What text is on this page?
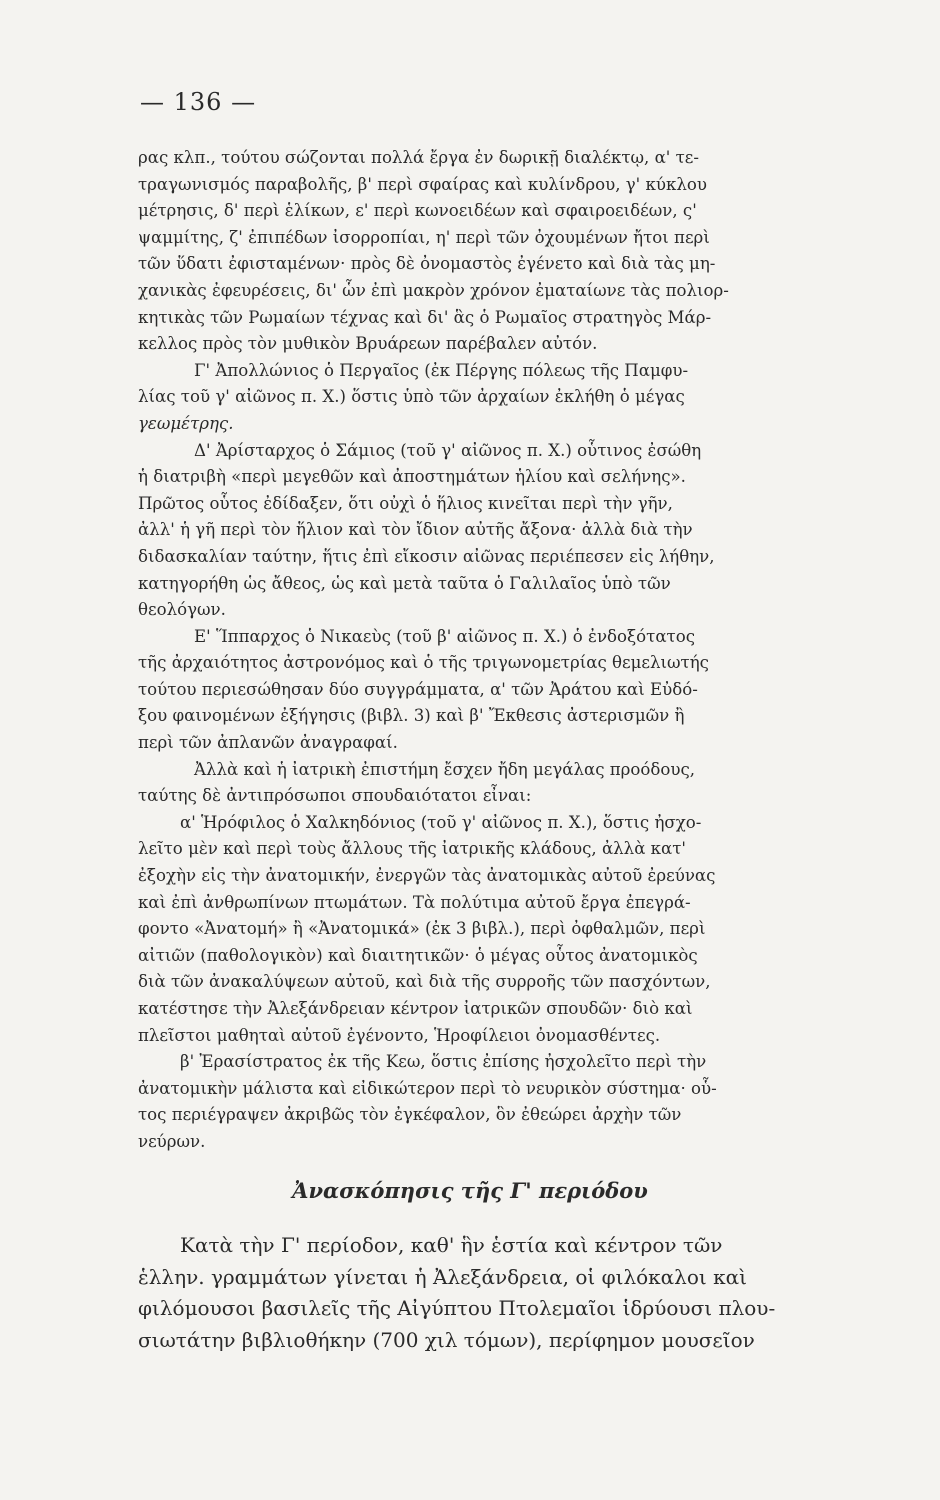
— 136 —
ρας κλπ., τούτου σώζονται πολλά ἔργα ἐν δωρικῇ διαλέκτῳ, α' τε-
τραγωνισμός παραβολῆς, β' περὶ σφαίρας καὶ κυλίνδρου, γ' κύκλου
μέτρησις, δ' περὶ ἑλίκων, ε' περὶ κωνοειδέων καὶ σφαιροειδέων, ς'
ψαμμίτης, ζ' ἐπιπέδων ἰσορροπίαι, η' περὶ τῶν ὀχουμένων ἤτοι περὶ
τῶν ὕδατι ἐφισταμένων· πρὸς δὲ ὀνομαστὸς ἐγένετο καὶ διὰ τὰς μη-
χανικὰς ἐφευρέσεις, δι' ὧν ἐπὶ μακρὸν χρόνον ἐματαίωνε τὰς πολιορ-
κητικὰς τῶν Ρωμαίων τέχνας καὶ δι' ἃς ὁ Ρωμαῖος στρατηγὸς Μάρ-
κελλος πρὸς τὸν μυθικὸν Βρυάρεων παρέβαλεν αὐτόν.
Γ' Ἀπολλώνιος ὁ Περγαῖος (ἐκ Πέργης πόλεως τῆς Παμφυ-
λίας τοῦ γ' αἰῶνος π. Χ.) ὅστις ὑπὸ τῶν ἀρχαίων ἐκλήθη ὁ μέγας
γεωμέτρης.
Δ' Ἀρίσταρχος ὁ Σάμιος (τοῦ γ' αἰῶνος π. Χ.) οὗτινος ἐσώθη
ἡ διατριβὴ «περὶ μεγεθῶν καὶ ἀποστημάτων ἡλίου καὶ σελήνης».
Πρῶτος οὗτος ἐδίδαξεν, ὅτι οὐχὶ ὁ ἥλιος κινεῖται περὶ τὴν γῆν,
ἀλλ' ἡ γῆ περὶ τὸν ἥλιον καὶ τὸν ἴδιον αὐτῆς ἄξονα· ἀλλὰ διὰ τὴν
διδασκαλίαν ταύτην, ἥτις ἐπὶ εἴκοσιν αἰῶνας περιέπεσεν εἰς λήθην,
κατηγορήθη ὡς ἄθεος, ὡς καὶ μετὰ ταῦτα ὁ Γαλιλαῖος ὑπὸ τῶν
θεολόγων.
Ε' Ἵππαρχος ὁ Νικαεὺς (τοῦ β' αἰῶνος π. Χ.) ὁ ἐνδοξότατος
τῆς ἀρχαιότητος ἀστρονόμος καὶ ὁ τῆς τριγωνομετρίας θεμελιωτής
τούτου περιεσώθησαν δύο συγγράμματα, α' τῶν Ἀράτου καὶ Εὐδό-
ξου φαινομένων ἐξήγησις (βιβλ. 3) καὶ β' Ἔκθεσις ἀστερισμῶν ἢ
περὶ τῶν ἀπλανῶν ἀναγραφαί.
Ἀλλὰ καὶ ἡ ἰατρικὴ ἐπιστήμη ἔσχεν ἤδη μεγάλας προόδους,
ταύτης δὲ ἀντιπρόσωποι σπουδαιότατοι εἶναι:
α' Ἡρόφιλος ὁ Χαλκηδόνιος (τοῦ γ' αἰῶνος π. Χ.), ὅστις ἠσχο-
λεῖτο μὲν καὶ περὶ τοὺς ἄλλους τῆς ἰατρικῆς κλάδους, ἀλλὰ κατ'
ἐξοχὴν εἰς τὴν ἀνατομικήν, ἐνεργῶν τὰς ἀνατομικὰς αὐτοῦ ἐρεύνας
καὶ ἐπὶ ἀνθρωπίνων πτωμάτων. Τὰ πολύτιμα αὐτοῦ ἔργα ἐπεγρά-
φοντο «Ἀνατομή» ἢ «Ἀνατομικά» (ἐκ 3 βιβλ.), περὶ ὀφθαλμῶν, περὶ
αἰτιῶν (παθολογικὸν) καὶ διαιτητικῶν· ὁ μέγας οὗτος ἀνατομικὸς
διὰ τῶν ἀνακαλύψεων αὐτοῦ, καὶ διὰ τῆς συρροῆς τῶν πασχόντων,
κατέστησε τὴν Ἀλεξάνδρειαν κέντρον ἰατρικῶν σπουδῶν· διὸ καὶ
πλεῖστοι μαθηταὶ αὐτοῦ ἐγένοντο, Ἡροφίλειοι ὀνομασθέντες.
β' Ἐρασίστρατος ἐκ τῆς Κεω, ὅστις ἐπίσης ἠσχολεῖτο περὶ τὴν
ἀνατομικὴν μάλιστα καὶ εἰδικώτερον περὶ τὸ νευρικὸν σύστημα· οὗ-
τος περιέγραψεν ἀκριβῶς τὸν ἐγκέφαλον, ὃν ἐθεώρει ἀρχὴν τῶν
νεύρων.
Ἀνασκόπησις τῆς Γ' περιόδου
Κατὰ τὴν Γ' περίοδον, καθ' ἣν ἑστία καὶ κέντρον τῶν
ἑλλην. γραμμάτων γίνεται ἡ Ἀλεξάνδρεια, οἱ φιλόκαλοι καὶ
φιλόμουσοι βασιλεῖς τῆς Αἰγύπτου Πτολεμαῖοι ἱδρύουσι πλου-
σιωτάτην βιβλιοθήκην (700 χιλ τόμων), περίφημον μουσεῖον
